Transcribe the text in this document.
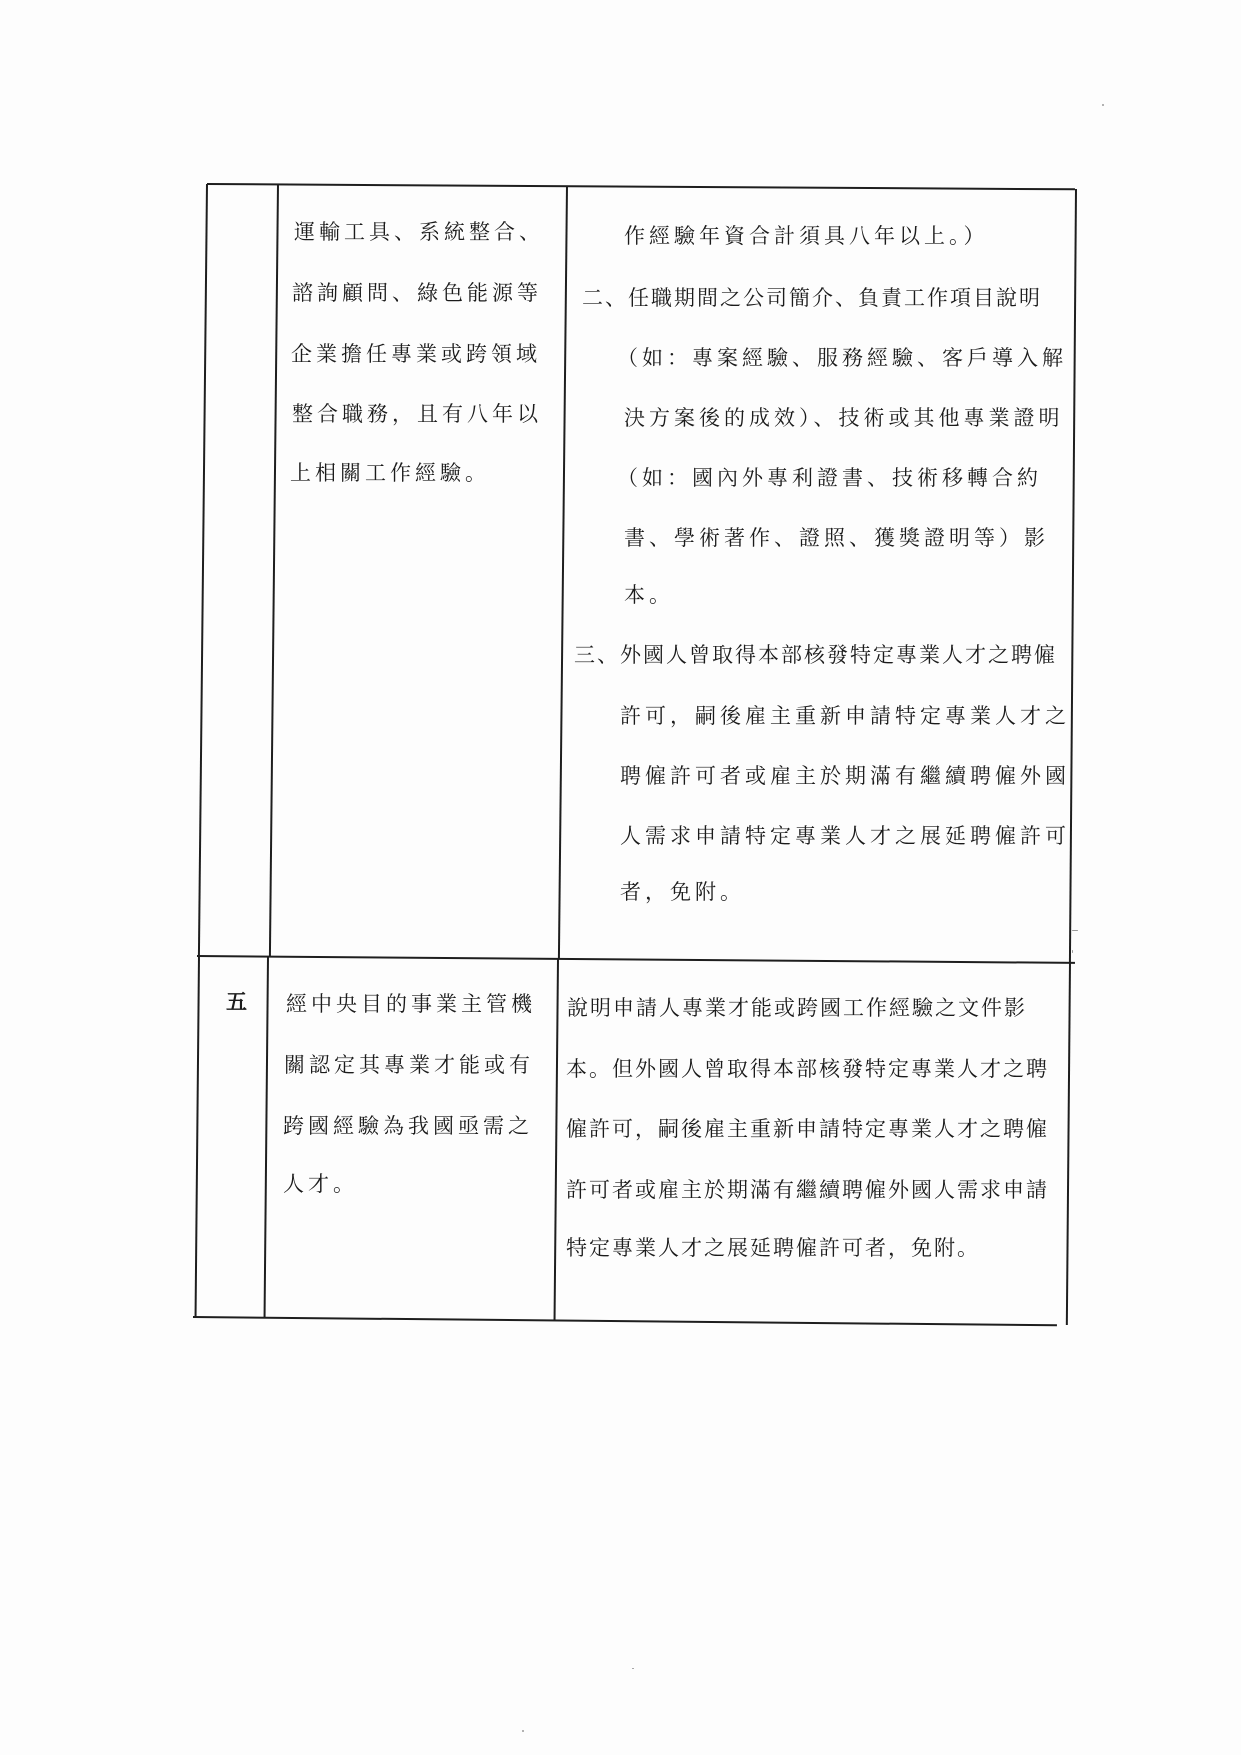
運輸工具、系統整合、
諮詢顧問、綠色能源等
企業擔任專業或跨領域
整合職務，且有八年以
上相關工作經驗。
作經驗年資合計須具八年以上。）
二、任職期間之公司簡介、負責工作項目說明
（如：專案經驗、服務經驗、客戶導入解
決方案後的成效）、技術或其他專業證明
（如：國內外專利證書、技術移轉合約
書、學術著作、證照、獲獎證明等）影
本。
三、外國人曾取得本部核發特定專業人才之聘僱
許可，嗣後雇主重新申請特定專業人才之
聘僱許可者或雇主於期滿有繼續聘僱外國
人需求申請特定專業人才之展延聘僱許可
者，免附。
五 經中央目的事業主管機
關認定其專業才能或有
跨國經驗為我國亟需之
人才。
說明申請人專業才能或跨國工作經驗之文件影
本。但外國人曾取得本部核發特定專業人才之聘
僱許可，嗣後雇主重新申請特定專業人才之聘僱
許可者或雇主於期滿有繼續聘僱外國人需求申請
特定專業人才之展延聘僱許可者，免附。
